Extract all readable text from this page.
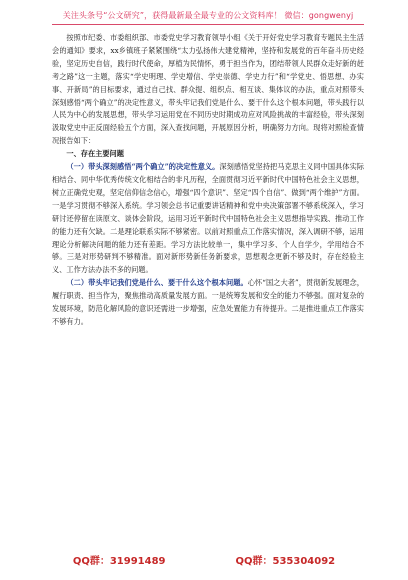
关注头条号“公文研究”，获得最新最全最专业的公文资料库！ 微信：gongwenyj

按照市纪委、市委组织部、市委党史学习教育领导小组《关于开好党史学习教育专题民主生活会的通知》要求，xx乡镇班子紧紧围绕“太力弘扬伟大建党精神，坚持和发展党的百年奋斗历史经验，坚定历史自信，践行时代使命，厚植为民情怀，勇于担当作为，团结带领人民群众走好新的赶考之路”这一主题，落实“学史明理、学史增信、学史崇德、学史力行”和“学党史、悟思想、办实事、开新局”的目标要求，通过自己找、群众提、组织点、相互谈、集体议的办法，重点对照带头深刻感悟“两个确立”的决定性意义，带头牢记我们党是什么、要干什么这个根本问题，带头践行以人民为中心的发展思想，带头学习运用党在不同历史时期成功应对风险挑战的丰富经验，带头深刻汲取党史中正反面经验五个方面，深入查找问题，开展原因分析，明确努力方向。现将对照检查情况报告如下：

一、存在主要问题

（一）带头深刻感悟“两个确立”的决定性意义。深刻感悟党坚持把马克思主义同中国具体实际相结合、同中华优秀传统文化相结合的非凡历程，全面贯彻习近平新时代中国特色社会主义思想，树立正确党史观，坚定信仰信念信心，增强“四个意识”、坚定“四个自信”、做到“两个维护”方面。一是学习贯彻不够深入系统。学习领会总书记重要讲话精神和党中央决策部署不够系统深入，学习研讨还停留在读原文、谈体会阶段，运用习近平新时代中国特色社会主义思想指导实践、推动工作的能力还有欠缺。二是理论联系实际不够紧密。以前对照重点工作落实情况，深入调研不够，运用理论分析解决问题的能力还有差距。学习方法比较单一，集中学习多、个人自学少，学用结合不够。三是对形势研判不够精准。面对新形势新任务新要求，思想观念更新不够及时，存在经验主义、工作方法办法不多的问题。

（二）带头牢记我们党是什么、要干什么这个根本问题。心怀“国之大者”，贯彻新发展理念，履行职责、担当作为，聚焦推动高质量发展方面。一是统筹发展和安全的能力不够强。面对复杂的发展环境，防范化解风险的意识还需进一步增强，应急处置能力有待提升。二是推进重点工作落实不够有力。

QQ群：31991489	QQ群：535304092
